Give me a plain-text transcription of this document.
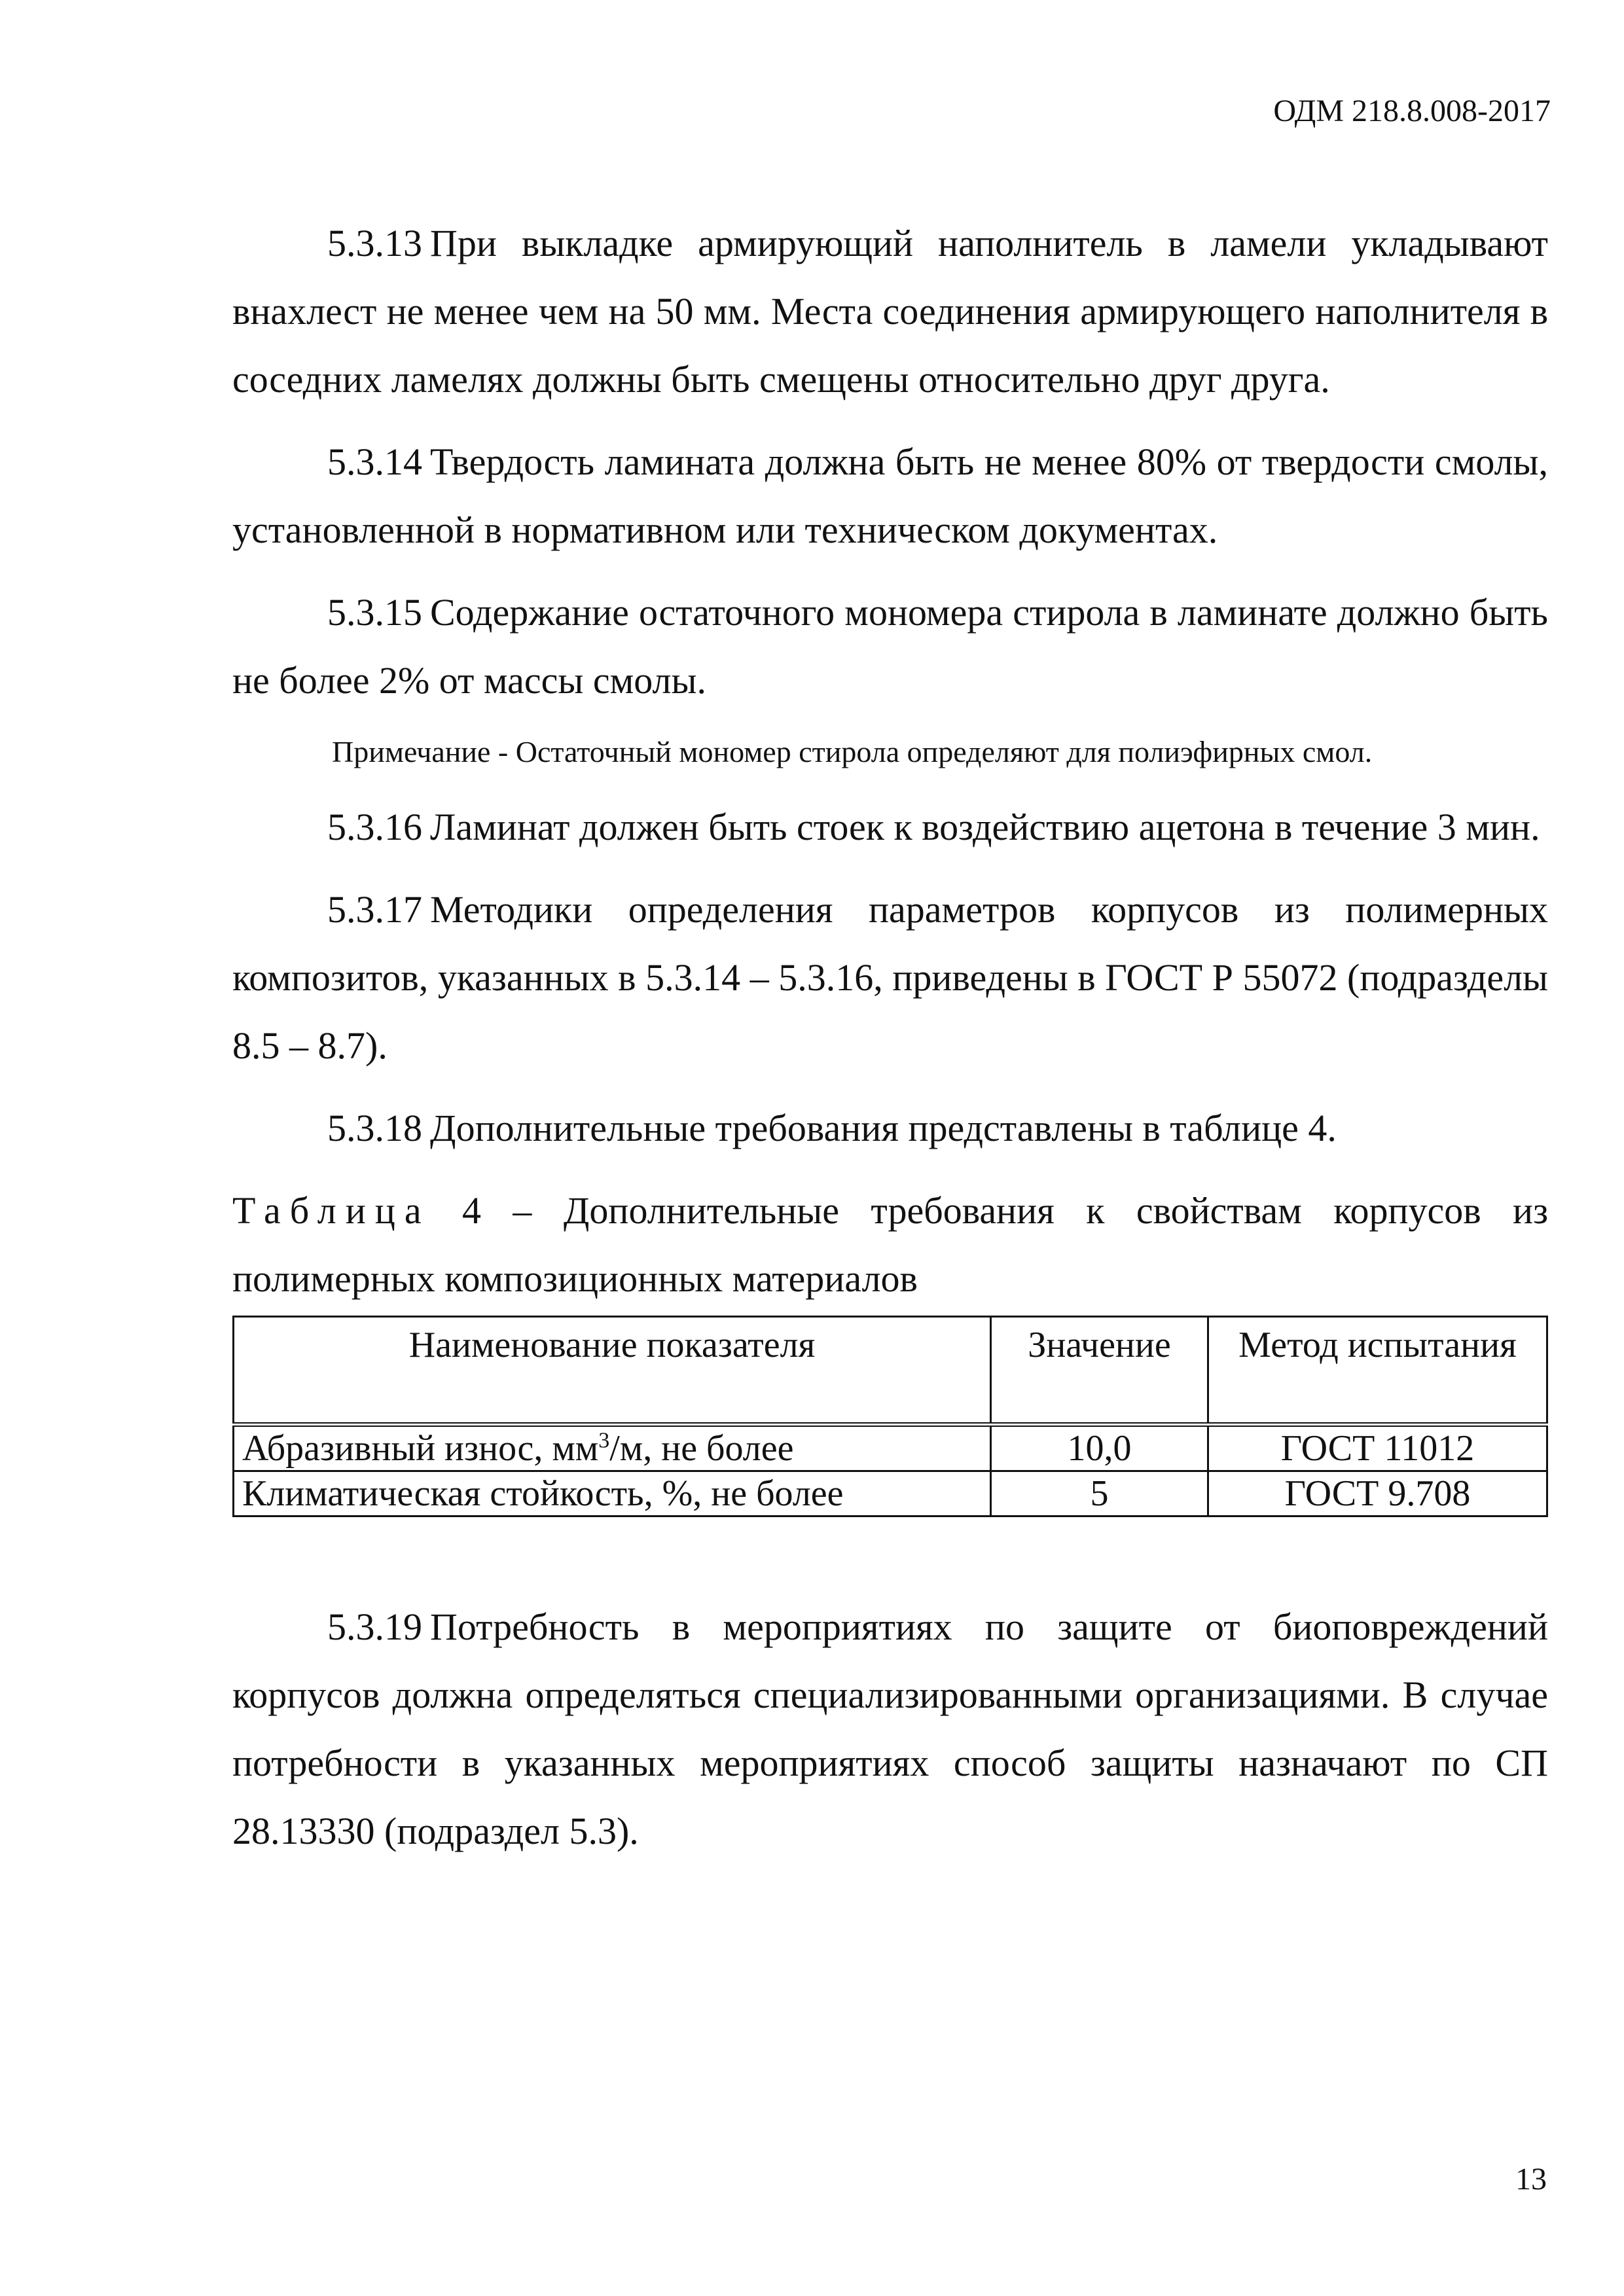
ОДМ 218.8.008-2017

5.3.13 При выкладке армирующий наполнитель в ламели укладывают внахлест не менее чем на 50 мм. Места соединения армирующего наполнителя в соседних ламелях должны быть смещены относительно друг друга.

5.3.14 Твердость ламината должна быть не менее 80% от твердости смолы, установленной в нормативном или техническом документах.

5.3.15 Содержание остаточного мономера стирола в ламинате должно быть не более 2% от массы смолы.

Примечание - Остаточный мономер стирола определяют для полиэфирных смол.

5.3.16 Ламинат должен быть стоек к воздействию ацетона в течение 3 мин.

5.3.17 Методики определения параметров корпусов из полимерных композитов, указанных в 5.3.14 – 5.3.16, приведены в ГОСТ Р 55072 (подразделы 8.5 – 8.7).

5.3.18 Дополнительные требования представлены в таблице 4.

Таблица 4 – Дополнительные требования к свойствам корпусов из полимерных композиционных материалов

Наименование показателя	Значение	Метод испытания
Абразивный износ, $мм^3/м$, не более	10,0	ГОСТ 11012
Климатическая стойкость, %, не более	5	ГОСТ 9.708

5.3.19 Потребность в мероприятиях по защите от биоповреждений корпусов должна определяться специализированными организациями. В случае потребности в указанных мероприятиях способ защиты назначают по СП 28.13330 (подраздел 5.3).

13
